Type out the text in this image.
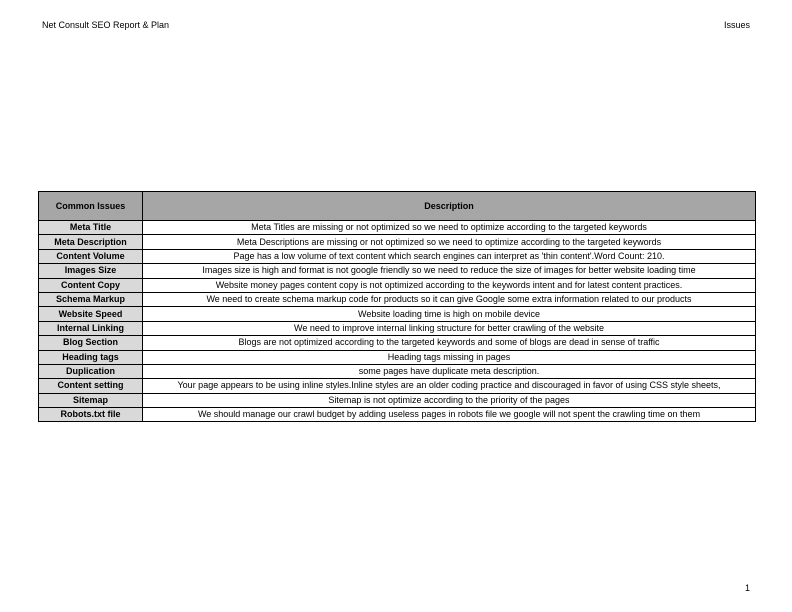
Net Consult SEO Report & Plan	Issues
Common Issues	Description
Meta Title	Meta Titles are missing or not optimized so we need to optimize according to the targeted keywords
Meta Description	Meta Descriptions are missing or not optimized so we need to optimize according to the targeted keywords
Content Volume	Page has a low volume of text content which search engines can interpret as 'thin content'.Word Count: 210.
Images Size	Images size is high and format is not google friendly so we need to reduce the size of images for better website loading time
Content Copy	Website money pages content copy is not optimized according to the keywords intent and for latest content practices.
Schema Markup	We need to create schema markup code for products so it can give Google some extra information related to our products
Website Speed	Website loading time is high on mobile device
Internal Linking	We need to improve internal linking structure for better crawling of the website
Blog Section	Blogs are not optimized according to the targeted keywords and some of blogs are dead in sense of traffic
Heading tags	Heading tags missing in pages
Duplication	some pages have duplicate meta description.
Content setting	Your page appears to be using inline styles.Inline styles are an older coding practice and discouraged in favor of using CSS style sheets,
Sitemap	Sitemap is not optimize according to the priority of the pages
Robots.txt file	We should manage our crawl budget by adding useless pages in robots file we google will not spent the crawling time on them
1
